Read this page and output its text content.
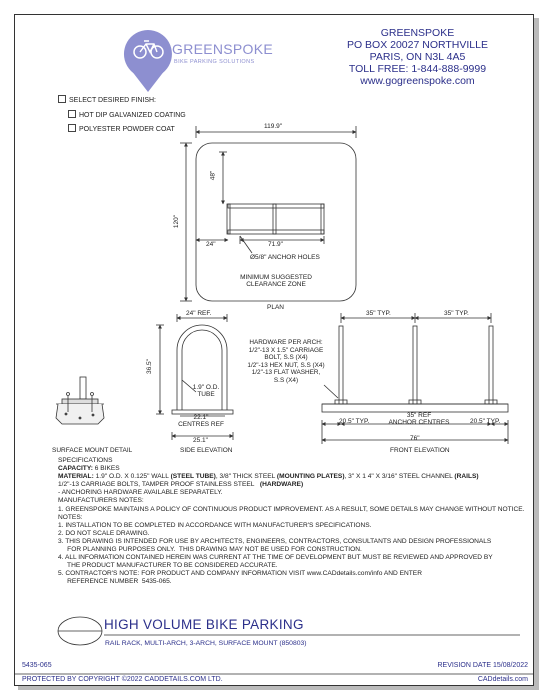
GREENSPOKE
BIKE PARKING SOLUTIONS
GREENSPOKE
PO BOX 20027 NORTHVILLE
PARIS, ON N3L 4A5
TOLL FREE: 1-844-888-9999
www.gogreenspoke.com
SELECT DESIRED FINISH:
HOT DIP GALVANIZED COATING
POLYESTER POWDER COAT	119.9"
120"
48"
24"	71.9"
Ø5/8" ANCHOR HOLES
MINIMUM SUGGESTED
CLEARANCE ZONE
PLAN
24" REF.
36.5"
1.9" O.D.
TUBE
22.1"
CENTRES REF
25.1"
SIDE ELEVATION
SURFACE MOUNT DETAIL
35" TYP.	35" TYP.
HARDWARE PER ARCH:
1/2"-13 X 1.5" CARRIAGE
BOLT, S.S (X4)
1/2"-13 HEX NUT, S.S (X4)
1/2"-13 FLAT WASHER,
S.S (X4)
20.5" TYP.
35" REF
ANCHOR CENTRES	20.5" TYP.
76"
FRONT ELEVATION
SPECIFICATIONS
CAPACITY: 6 BIKES
MATERIAL: 1.9" O.D. X 0.125" WALL (STEEL TUBE), 3/8" THICK STEEL (MOUNTING PLATES), 3" X 1 4" X 3/16" STEEL CHANNEL (RAILS)
1/2"-13 CARRIAGE BOLTS, TAMPER PROOF STAINLESS STEEL (HARDWARE)
- ANCHORING HARDWARE AVAILABLE SEPARATELY.
MANUFACTURERS NOTES:
1. GREENSPOKE MAINTAINS A POLICY OF CONTINUOUS PRODUCT IMPROVEMENT. AS A RESULT, SOME DETAILS MAY CHANGE WITHOUT NOTICE.
NOTES:
1. INSTALLATION TO BE COMPLETED IN ACCORDANCE WITH MANUFACTURER'S SPECIFICATIONS.
2. DO NOT SCALE DRAWING.
3. THIS DRAWING IS INTENDED FOR USE BY ARCHITECTS, ENGINEERS, CONTRACTORS, CONSULTANTS AND DESIGN PROFESSIONALS
FOR PLANNING PURPOSES ONLY.  THIS DRAWING MAY NOT BE USED FOR CONSTRUCTION.
4. ALL INFORMATION CONTAINED HEREIN WAS CURRENT AT THE TIME OF DEVELOPMENT BUT MUST BE REVIEWED AND APPROVED BY
THE PRODUCT MANUFACTURER TO BE CONSIDERED ACCURATE.
5. CONTRACTOR'S NOTE: FOR PRODUCT AND COMPANY INFORMATION VISIT www.CADdetails.com/info AND ENTER
REFERENCE NUMBER  5435-065.
HIGH VOLUME BIKE PARKING
RAIL RACK, MULTI-ARCH, 3-ARCH, SURFACE MOUNT (850803)
5435-065	REVISION DATE 15/08/2022
PROTECTED BY COPYRIGHT ©2022 CADDETAILS.COM LTD.	CADdetails.com
